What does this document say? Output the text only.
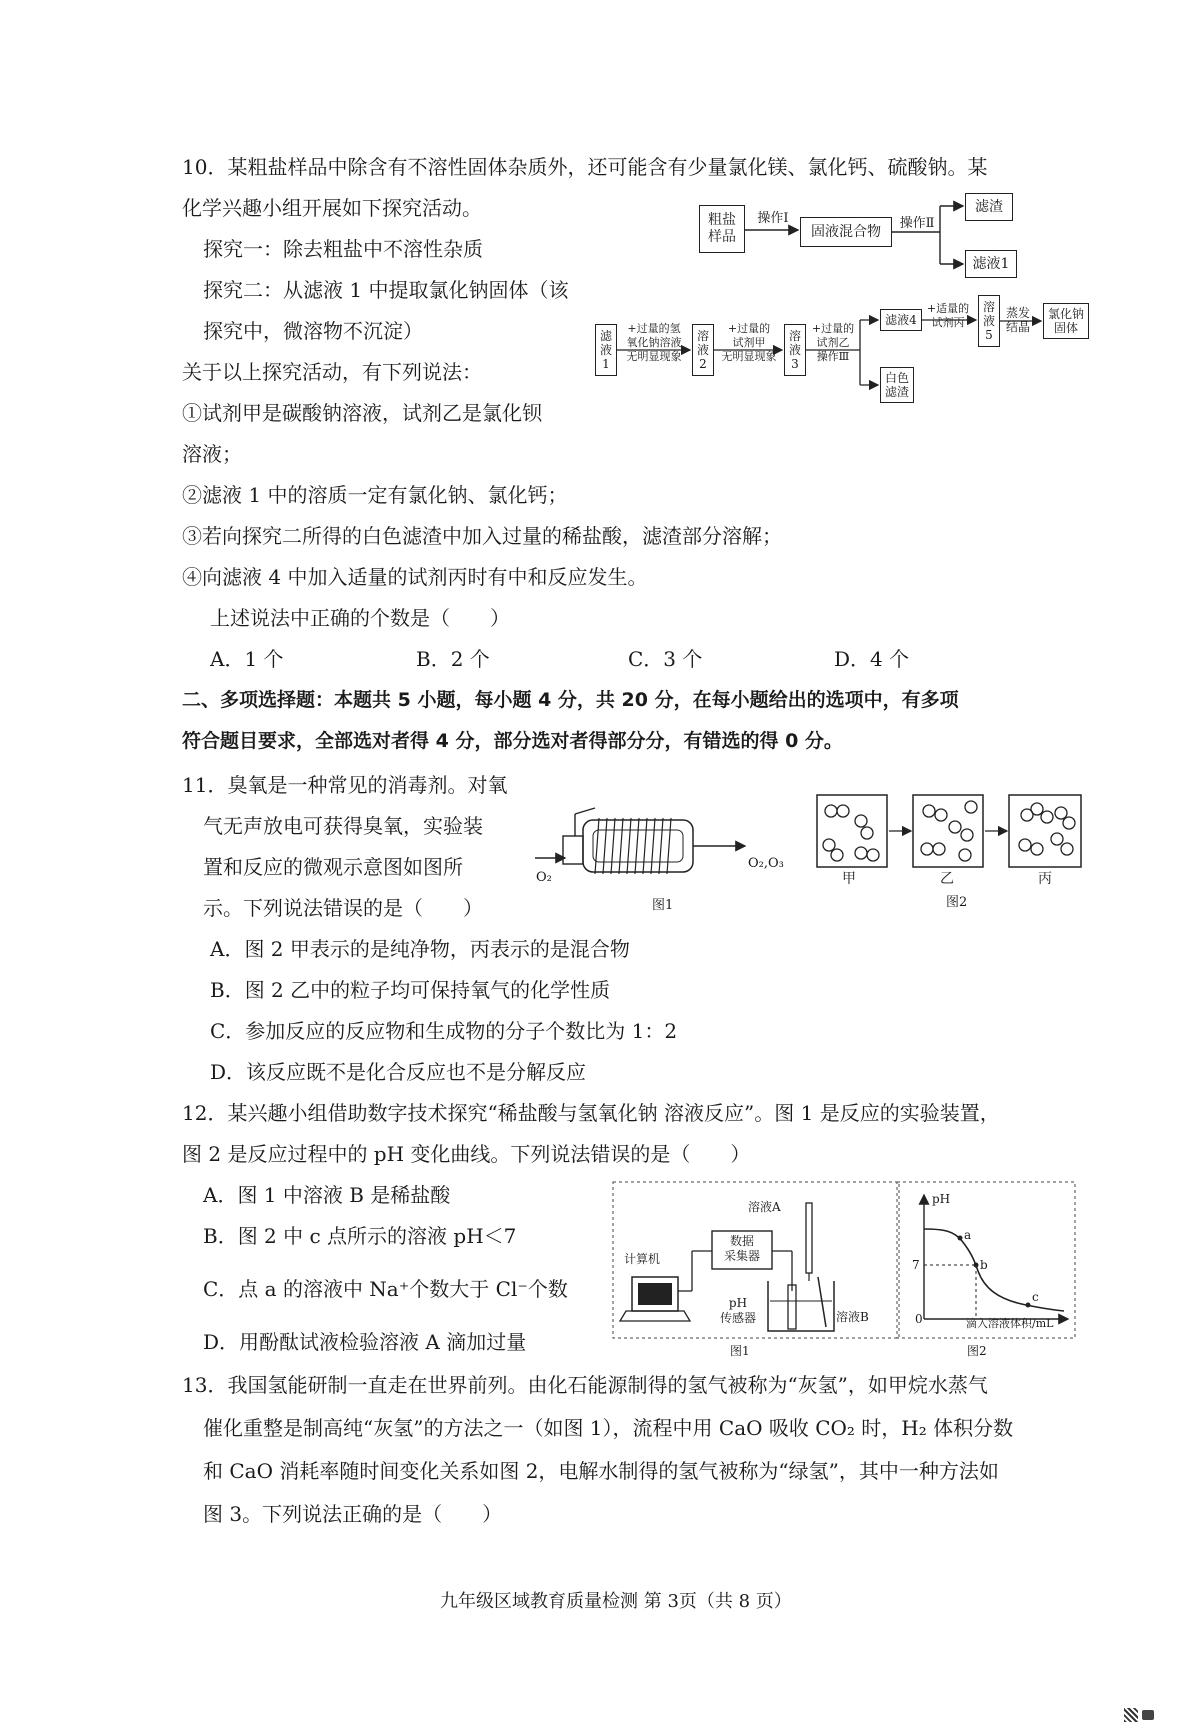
10．某粗盐样品中除含有不溶性固体杂质外，还可能含有少量氯化镁、氯化钙、硫酸钠。某
化学兴趣小组开展如下探究活动。
探究一：除去粗盐中不溶性杂质
探究二：从滤液 1 中提取氯化钠固体（该
探究中，微溶物不沉淀）
关于以上探究活动，有下列说法：
①试剂甲是碳酸钠溶液，试剂乙是氯化钡
溶液；
②滤液 1 中的溶质一定有氯化钠、氯化钙；
③若向探究二所得的白色滤渣中加入过量的稀盐酸，滤渣部分溶解；
④向滤液 4 中加入适量的试剂丙时有中和反应发生。
上述说法中正确的个数是（　　）
A．1 个	B．2 个	C．3 个	D．4 个
粗盐
样品
操作Ⅰ
固液混合物	操作Ⅱ
滤渣
滤液1
滤
液
1
+过量的氢
氧化钠溶液
无明显现象
溶
液
2
+过量的
试剂甲
无明显现象
溶
液
3
+过量的
试剂乙
操作Ⅲ
滤液4
+适量的
试剂丙
溶
液
5
蒸发
结晶
氯化钠
固体
白色
滤渣
二、多项选择题：本题共 5 小题，每小题 4 分，共 20 分，在每小题给出的选项中，有多项
符合题目要求，全部选对者得 4 分，部分选对者得部分分，有错选的得 0 分。
11．臭氧是一种常见的消毒剂。对氧
气无声放电可获得臭氧，实验装
置和反应的微观示意图如图所
示。下列说法错误的是（　　）
A．图 2 甲表示的是纯净物，丙表示的是混合物
B．图 2 乙中的粒子均可保持氧气的化学性质
C．参加反应的反应物和生成物的分子个数比为 1：2
D．该反应既不是化合反应也不是分解反应
O₂
O₂,O₃
图1
甲	乙	丙
图2
12．某兴趣小组借助数字技术探究“稀盐酸与氢氧化钠 溶液反应”。图 1 是反应的实验装置，
图 2 是反应过程中的 pH 变化曲线。下列说法错误的是（　　）
A．图 1 中溶液 B 是稀盐酸
B．图 2 中 c 点所示的溶液 pH＜7
C．点 a 的溶液中 Na⁺个数大于 Cl⁻个数
D．用酚酞试液检验溶液 A 滴加过量
溶液A
数据
采集器
计算机
pH
传感器	溶液B
图1
pH
7
0
a
b
c
滴入溶液体积/mL
图2
13．我国氢能研制一直走在世界前列。由化石能源制得的氢气被称为“灰氢”，如甲烷水蒸气
催化重整是制高纯“灰氢”的方法之一（如图 1），流程中用 CaO 吸收 CO₂ 时，H₂ 体积分数
和 CaO 消耗率随时间变化关系如图 2，电解水制得的氢气被称为“绿氢”，其中一种方法如
图 3。下列说法正确的是（　　）
九年级区域教育质量检测 第 3页（共 8 页）
